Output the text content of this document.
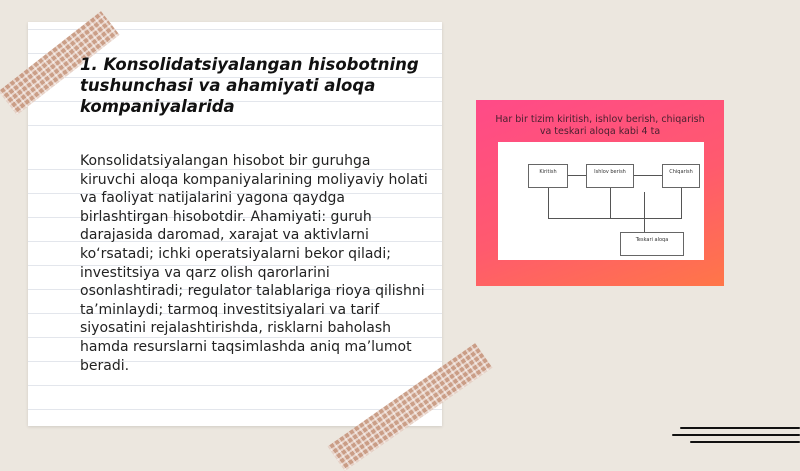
1. Konsolidatsiyalangan hisobotning tushunchasi va ahamiyati aloqa kompaniyalarida

Konsolidatsiyalangan hisobot bir guruhga kiruvchi aloqa kompaniyalarining moliyaviy holati va faoliyat natijalarini yagona qaydga birlashtirgan hisobotdir. Ahamiyati: guruh darajasida daromad, xarajat va aktivlarni ko‘rsatadi; ichki operatsiyalarni bekor qiladi; investitsiya va qarz olish qarorlarini osonlashtiradi; regulator talablariga rioya qilishni ta’minlaydi; tarmoq investitsiyalari va tarif siyosatini rejalashtirishda, risklarni baholash hamda resurslarni taqsimlashda aniq ma’lumot beradi.

Har bir tizim kiritish, ishlov berish, chiqarish va teskari aloqa kabi 4 ta
Kiritish	Ishlov berish	Chiqarish
Teskari aloqa
